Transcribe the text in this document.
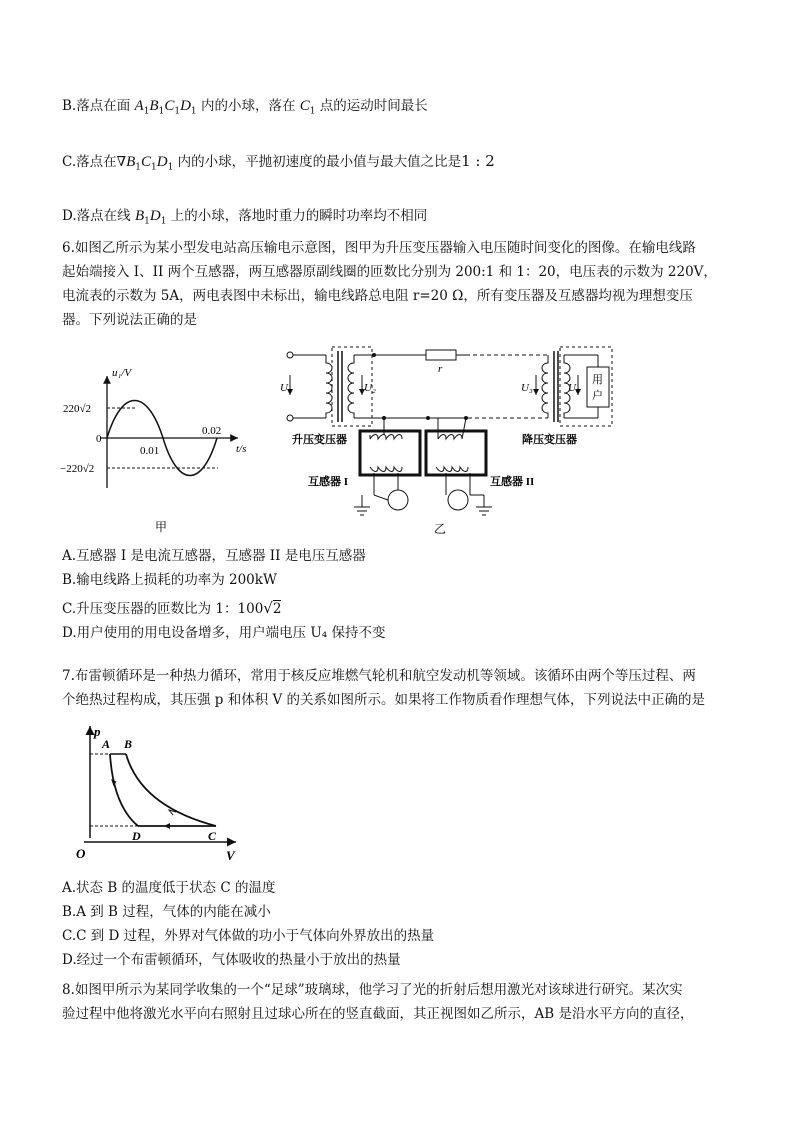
B.落点在面 $A_1B_1C_1D_1$ 内的小球，落在 $C_1$ 点的运动时间最长
C.落点在$\nabla B_1C_1D_1$ 内的小球，平抛初速度的最小值与最大值之比是1 : 2
D.落点在线 $B_1D_1$ 上的小球，落地时重力的瞬时功率均不相同
6.如图乙所示为某小型发电站高压输电示意图，图甲为升压变压器输入电压随时间变化的图像。在输电线路
起始端接入 I、II 两个互感器，两互感器原副线圈的匝数比分别为 200:1 和 1：20，电压表的示数为 220V，
电流表的示数为 5A，两电表图中未标出，输电线路总电阻 r=20 Ω，所有变压器及互感器均视为理想变压
器。下列说法正确的是
u₁/V
220√2
0
−220√2
0.01
0.02
t/s
甲
U₁	U₂
r
U₃	U₄
用
户
升压变压器	降压变压器
互感器 I	互感器 II
乙
A.互感器 I 是电流互感器，互感器 II 是电压互感器
B.输电线路上损耗的功率为 200kW
C.升压变压器的匝数比为 1：100√2
D.用户使用的用电设备增多，用户端电压 U₄ 保持不变
7.布雷顿循环是一种热力循环，常用于核反应堆燃气轮机和航空发动机等领域。该循环由两个等压过程、两
个绝热过程构成，其压强 p 和体积 V 的关系如图所示。如果将工作物质看作理想气体，下列说法中正确的是
p
A B
D	C
O	V
A.状态 B 的温度低于状态 C 的温度
B.A 到 B 过程，气体的内能在减小
C.C 到 D 过程，外界对气体做的功小于气体向外界放出的热量
D.经过一个布雷顿循环，气体吸收的热量小于放出的热量
8.如图甲所示为某同学收集的一个“足球”玻璃球，他学习了光的折射后想用激光对该球进行研究。某次实
验过程中他将激光水平向右照射且过球心所在的竖直截面，其正视图如乙所示，AB 是沿水平方向的直径，
